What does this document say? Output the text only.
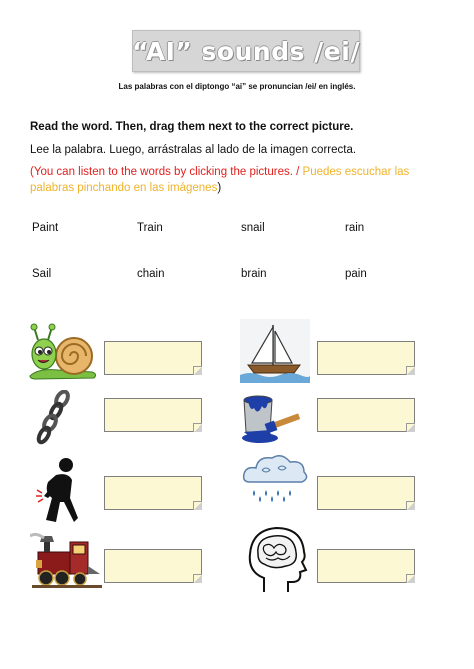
“AI” sounds /ei/
Las palabras con el diptongo “ai” se pronuncian /ei/ en inglés.
Read the word. Then, drag them next to the correct picture.
Lee la palabra. Luego, arrástralas al lado de la imagen correcta.
(You can listen to the words by clicking the pictures. / Puedes escuchar las
palabras pinchando en las imágenes)
Paint	Train	snail	rain
Sail	chain	brain	pain
